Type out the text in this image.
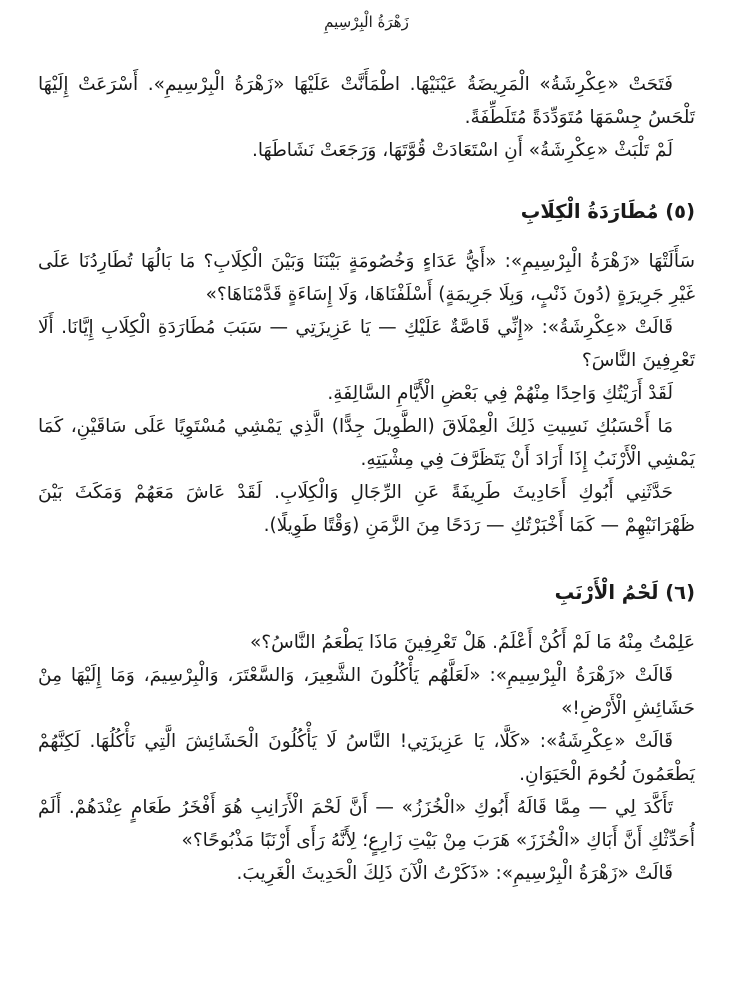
زَهْرَةُ الْبِرْسِيمِ

فَتَحَتْ «عِكْرِشَةُ» الْمَرِيضَةُ عَيْنَيْهَا. اطْمَأَنَّتْ عَلَيْهَا «زَهْرَةُ الْبِرْسِيمِ». أَسْرَعَتْ إِلَيْهَا تَلْحَسُ جِسْمَهَا مُتَوَدِّدَةً مُتَلَطِّفَةً.

لَمْ تَلْبَثْ «عِكْرِشَةُ» أَنِ اسْتَعَادَتْ قُوَّتَهَا، وَرَجَعَتْ نَشَاطَهَا.

(٥) مُطَارَدَةُ الْكِلَابِ

سَأَلَتْهَا «زَهْرَةُ الْبِرْسِيمِ»: «أَيُّ عَدَاءٍ وَخُصُومَةٍ بَيْنَنَا وَبَيْنَ الْكِلَابِ؟ مَا بَالُهَا تُطَارِدُنَا عَلَى غَيْرِ جَرِيرَةٍ (دُونَ ذَنْبٍ، وَبِلَا جَرِيمَةٍ) أَسْلَفْنَاهَا، وَلَا إِسَاءَةٍ قَدَّمْنَاهَا؟»

قَالَتْ «عِكْرِشَةُ»: «إِنِّي قَاصَّةٌ عَلَيْكِ — يَا عَزِيزَتِي — سَبَبَ مُطَارَدَةِ الْكِلَابِ إِيَّانَا. أَلَا تَعْرِفِينَ النَّاسَ؟

لَقَدْ أَرَيْتُكِ وَاحِدًا مِنْهُمْ فِي بَعْضِ الْأَيَّامِ السَّالِفَةِ.

مَا أَحْسَبُكِ نَسِيتِ ذَلِكَ الْعِمْلَاقَ (الطَّوِيلَ جِدًّا) الَّذِي يَمْشِي مُسْتَوِيًا عَلَى سَاقَيْنِ، كَمَا يَمْشِي الْأَرْنَبُ إِذَا أَرَادَ أَنْ يَتَظَرَّفَ فِي مِشْيَتِهِ.

حَدَّثَنِي أَبُوكِ أَحَادِيثَ طَرِيفَةً عَنِ الرِّجَالِ وَالْكِلَابِ. لَقَدْ عَاشَ مَعَهُمْ وَمَكَثَ بَيْنَ ظَهْرَانَيْهِمْ — كَمَا أَخْبَرْتُكِ — رَدَحًا مِنَ الزَّمَنِ (وَقْتًا طَوِيلًا).

(٦) لَحْمُ الْأَرْنَبِ

عَلِمْتُ مِنْهُ مَا لَمْ أَكُنْ أَعْلَمُ. هَلْ تَعْرِفِينَ مَاذَا يَطْعَمُ النَّاسُ؟»

قَالَتْ «زَهْرَةُ الْبِرْسِيمِ»: «لَعَلَّهُم يَأْكُلُونَ الشَّعِيرَ، وَالسَّعْتَرَ، وَالْبِرْسِيمَ، وَمَا إِلَيْهَا مِنْ حَشَائِشِ الْأَرْضِ!»

قَالَتْ «عِكْرِشَةُ»: «كَلَّا، يَا عَزِيزَتِي! النَّاسُ لَا يَأْكُلُونَ الْحَشَائِشَ الَّتِي نَأْكُلُهَا. لَكِنَّهُمْ يَطْعَمُونَ لُحُومَ الْحَيَوَانِ.

تَأَكَّدَ لِي — مِمَّا قَالَهُ أَبُوكِ «الْخُزَزُ» — أَنَّ لَحْمَ الْأَرَانِبِ هُوَ أَفْخَرُ طَعَامٍ عِنْدَهُمْ. أَلَمْ أُحَدِّثْكِ أَنَّ أَبَاكِ «الْخُزَزَ» هَرَبَ مِنْ بَيْتِ زَارِعٍ؛ لِأَنَّهُ رَأَى أَرْنَبًا مَذْبُوحًا؟»

قَالَتْ «زَهْرَةُ الْبِرْسِيمِ»: «ذَكَرْتُ الْآنَ ذَلِكَ الْحَدِيثَ الْغَرِيبَ.
